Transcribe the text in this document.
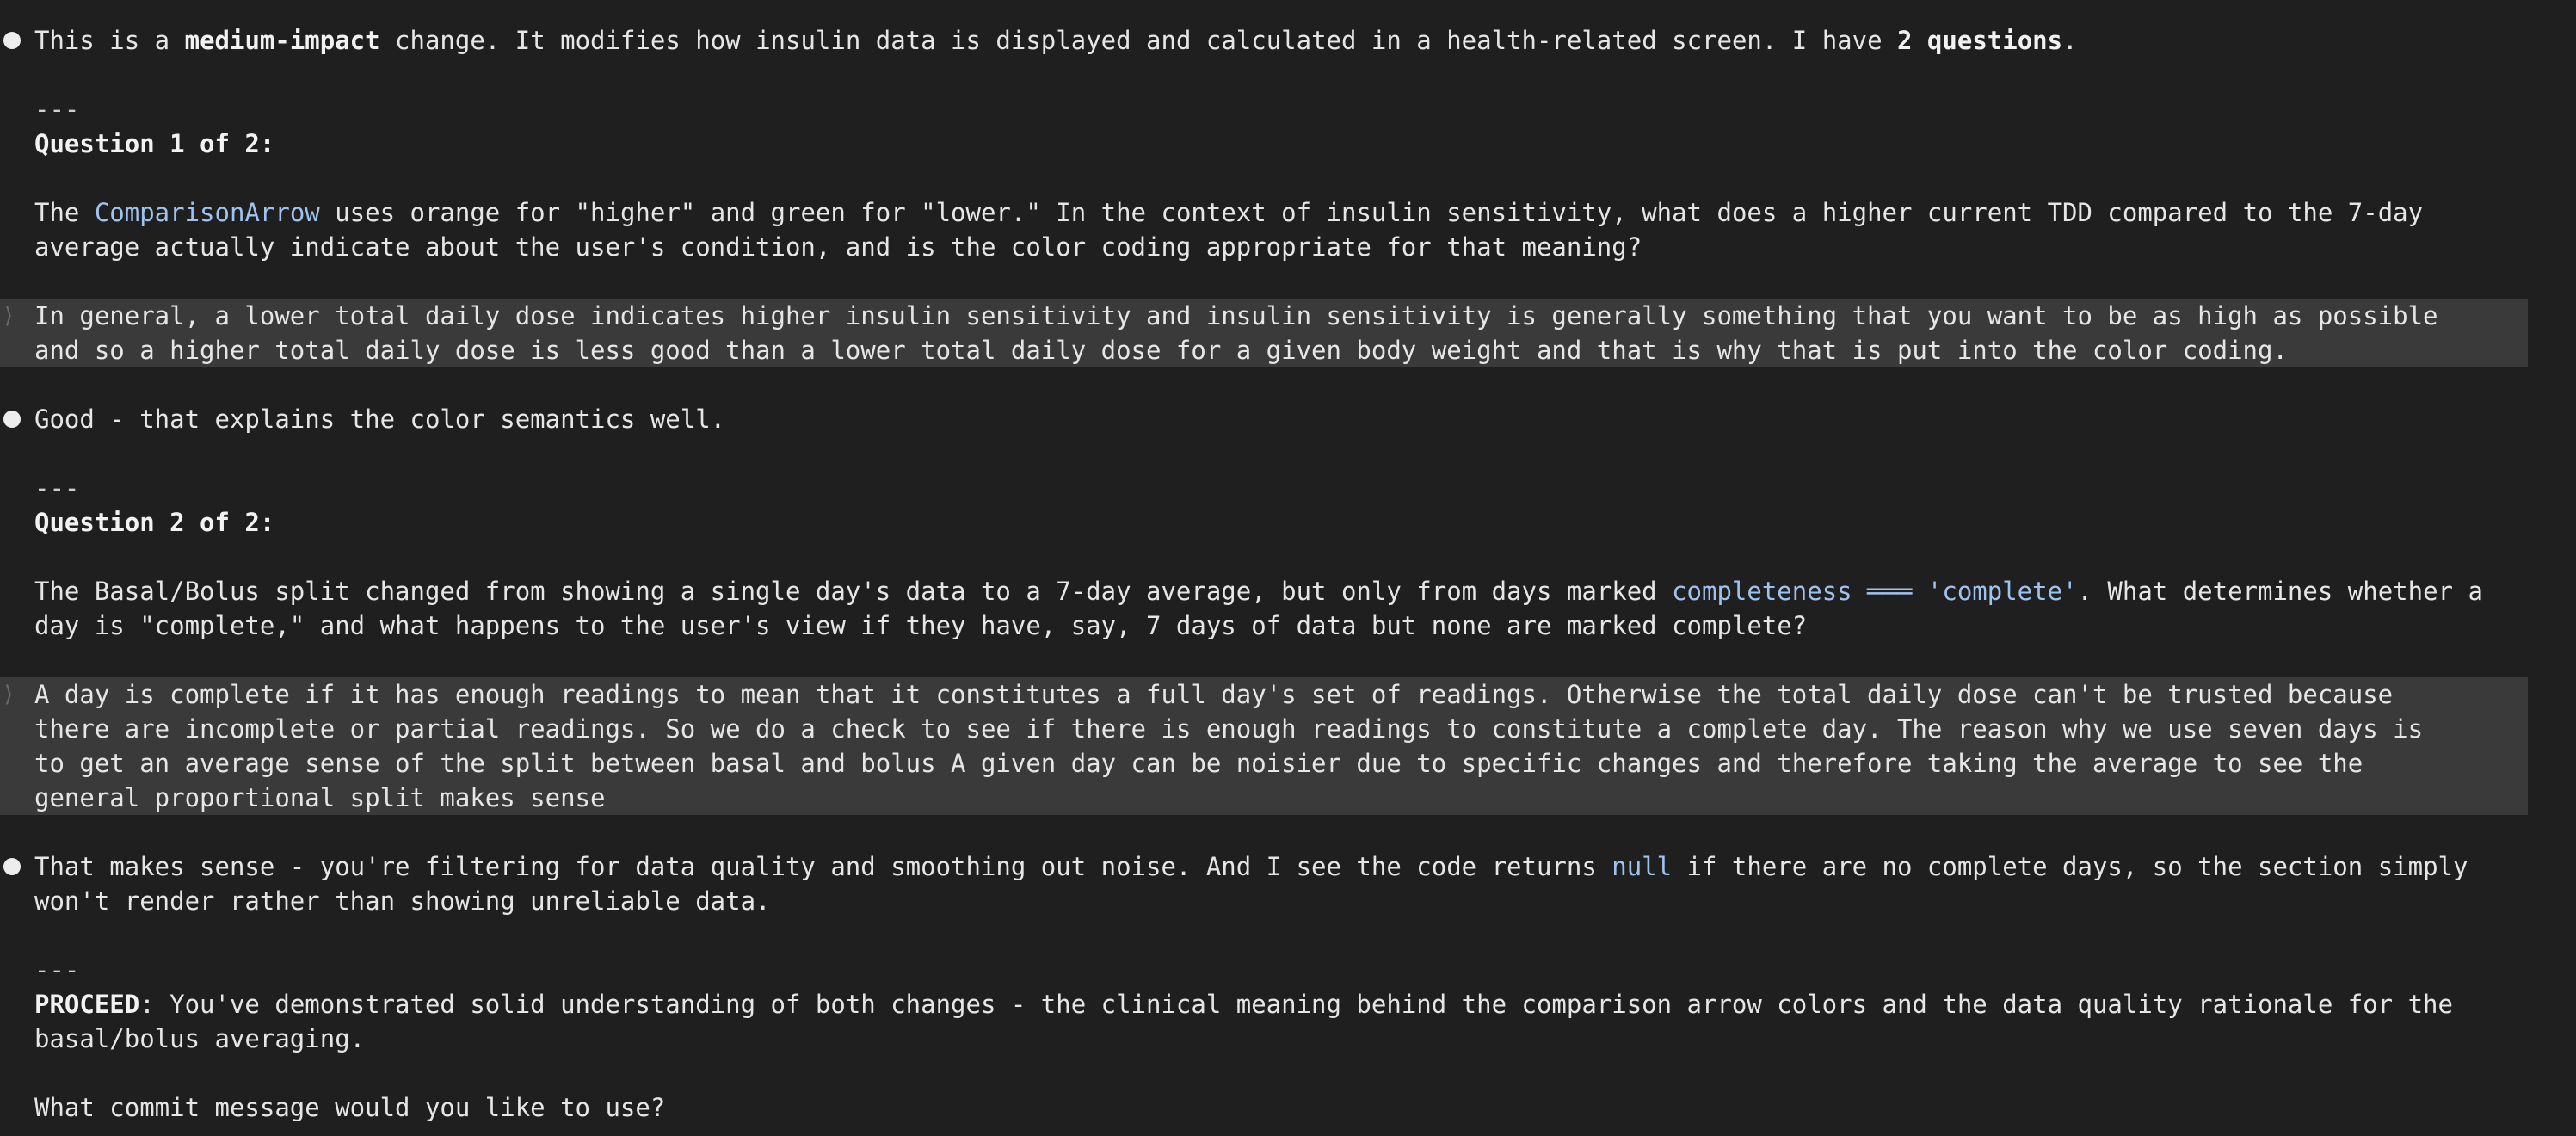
This is a medium-impact change. It modifies how insulin data is displayed and calculated in a health-related screen. I have 2 questions.
---
Question 1 of 2:
The ComparisonArrow uses orange for "higher" and green for "lower." In the context of insulin sensitivity, what does a higher current TDD compared to the 7-day
average actually indicate about the user's condition, and is the color coding appropriate for that meaning?
⟩ In general, a lower total daily dose indicates higher insulin sensitivity and insulin sensitivity is generally something that you want to be as high as possible
and so a higher total daily dose is less good than a lower total daily dose for a given body weight and that is why that is put into the color coding.
Good - that explains the color semantics well.
---
Question 2 of 2:
The Basal/Bolus split changed from showing a single day's data to a 7-day average, but only from days marked completeness ═══ 'complete'. What determines whether a
day is "complete," and what happens to the user's view if they have, say, 7 days of data but none are marked complete?
⟩ A day is complete if it has enough readings to mean that it constitutes a full day's set of readings. Otherwise the total daily dose can't be trusted because
there are incomplete or partial readings. So we do a check to see if there is enough readings to constitute a complete day. The reason why we use seven days is
to get an average sense of the split between basal and bolus A given day can be noisier due to specific changes and therefore taking the average to see the
general proportional split makes sense
That makes sense - you're filtering for data quality and smoothing out noise. And I see the code returns null if there are no complete days, so the section simply
won't render rather than showing unreliable data.
---
PROCEED: You've demonstrated solid understanding of both changes - the clinical meaning behind the comparison arrow colors and the data quality rationale for the
basal/bolus averaging.
What commit message would you like to use?
